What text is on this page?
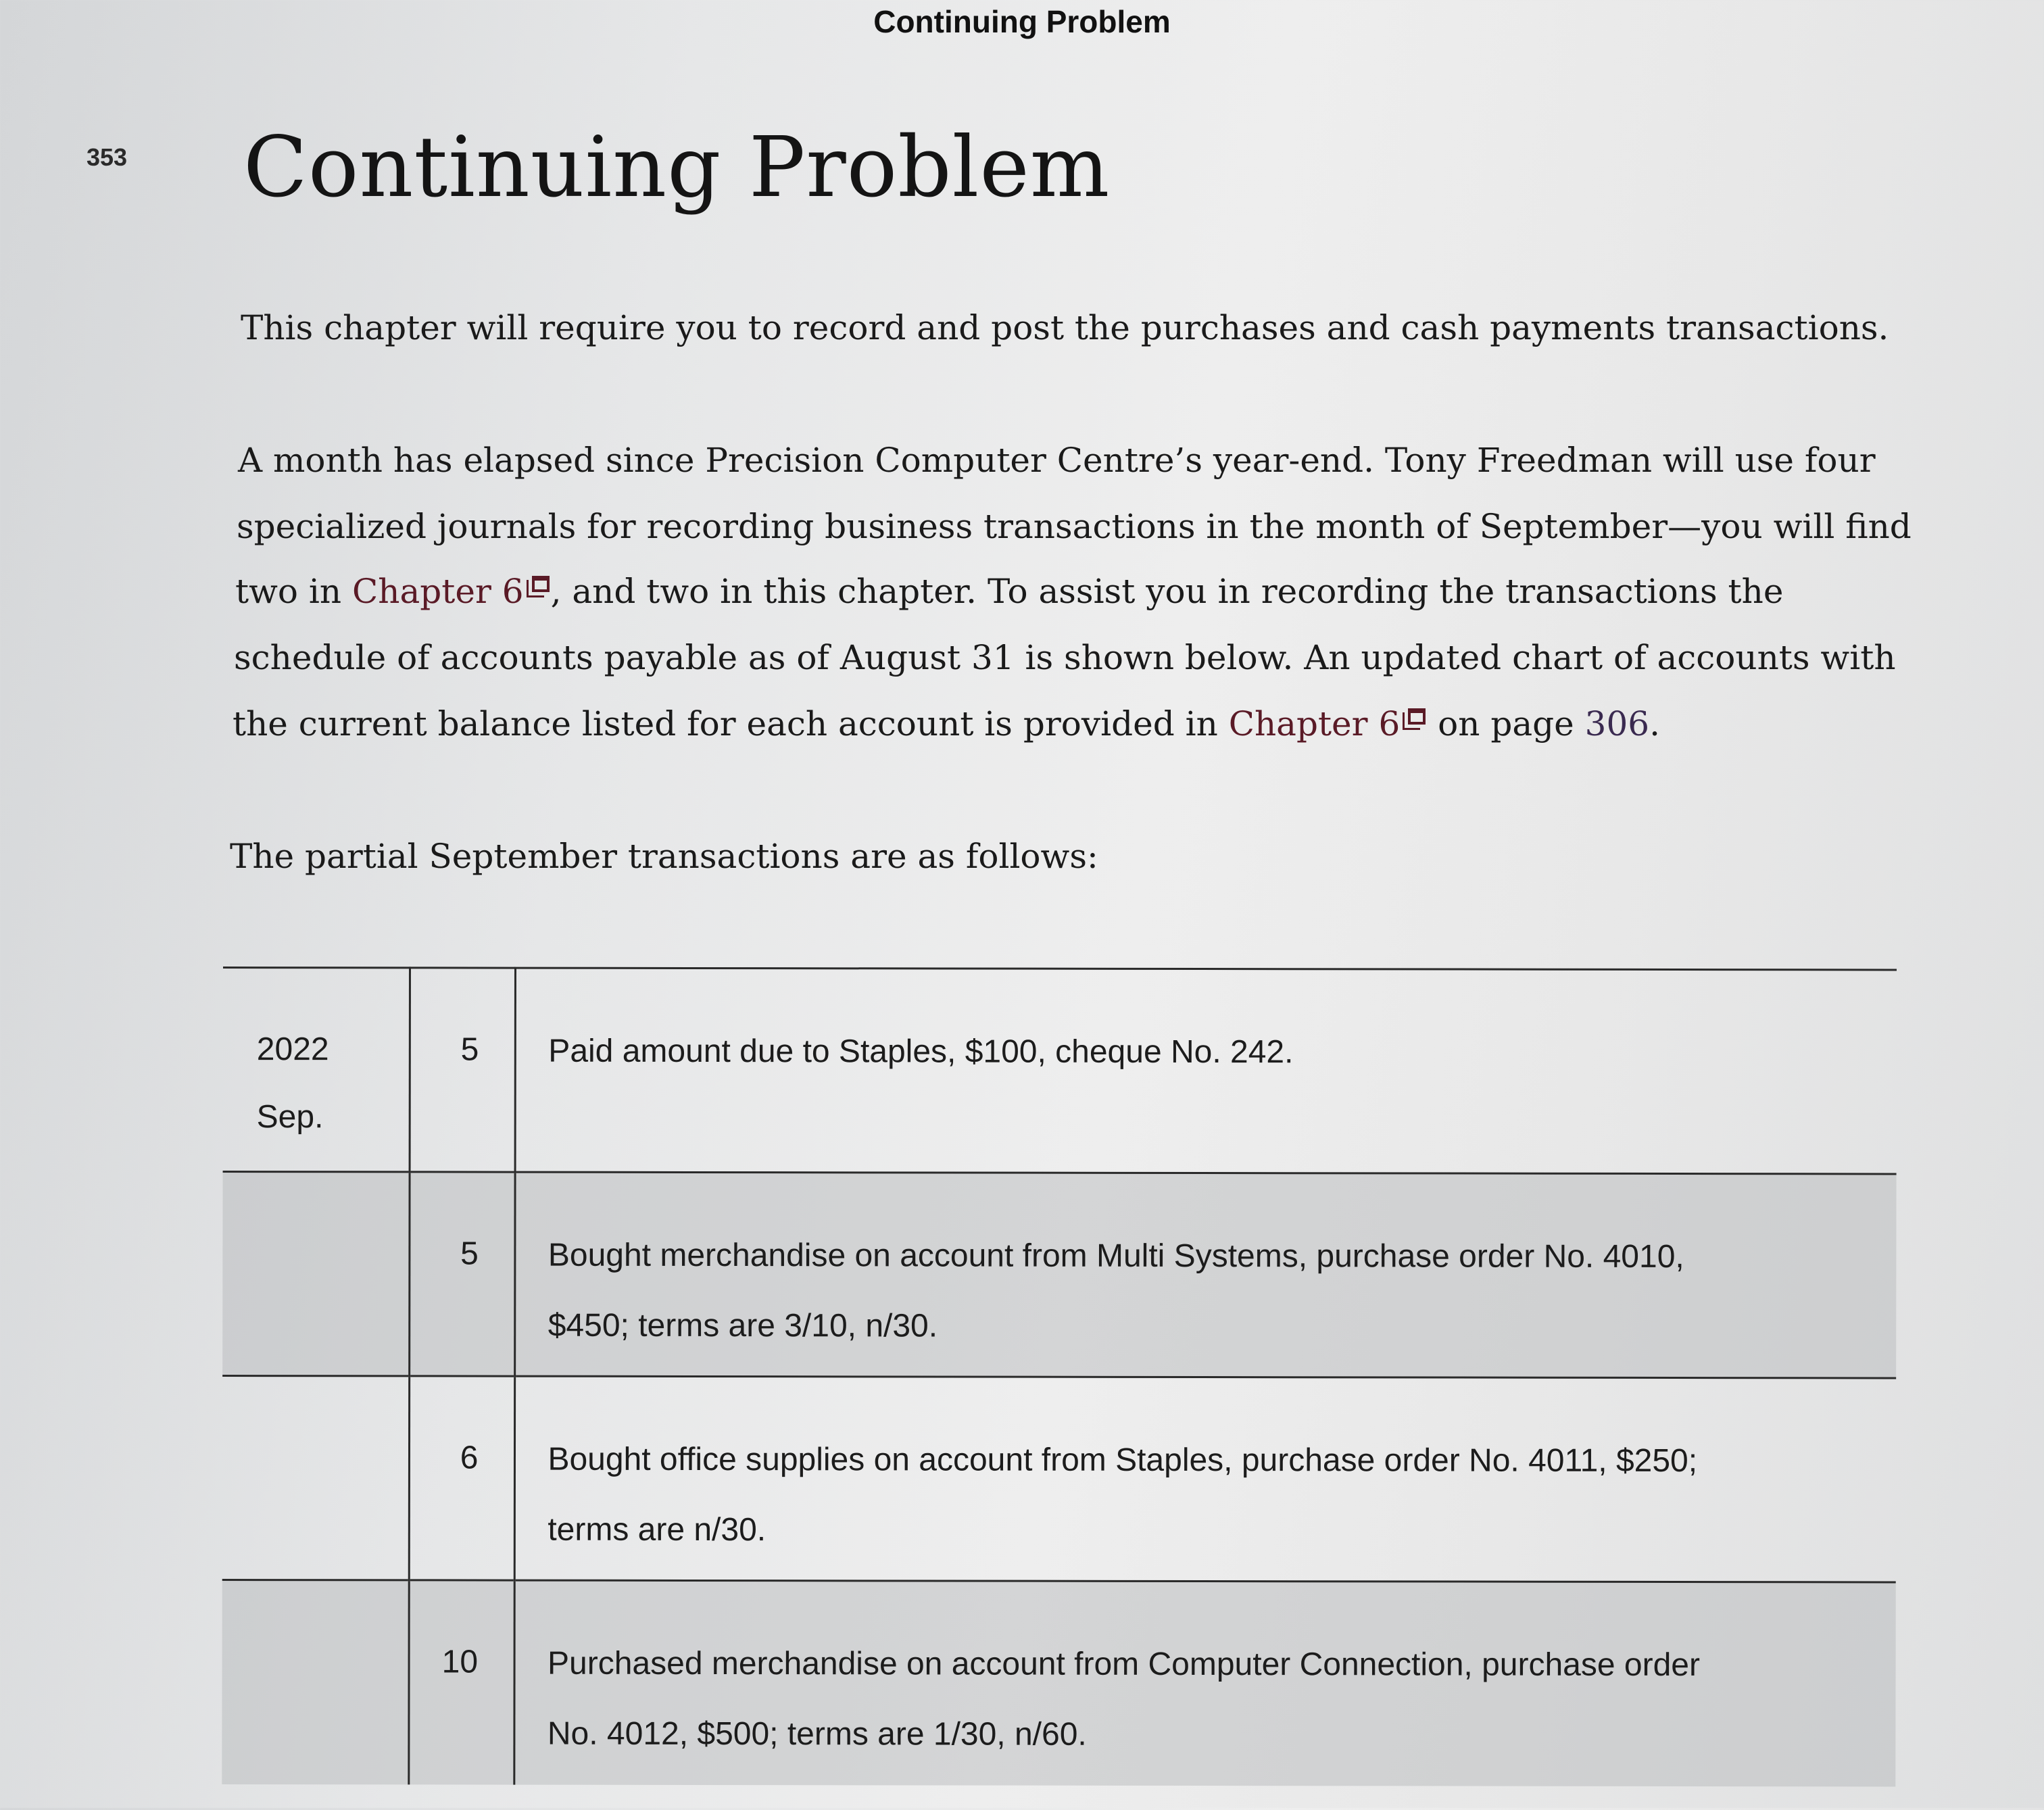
Continuing Problem
353 Continuing Problem

This chapter will require you to record and post the purchases and cash payments transactions.

A month has elapsed since Precision Computer Centre’s year-end. Tony Freedman will use four

specialized journals for recording business transactions in the month of September—you will find

two in Chapter 6 , and two in this chapter. To assist you in recording the transactions the

schedule of accounts payable as of August 31 is shown below. An updated chart of accounts with

the current balance listed for each account is provided in Chapter 6
on page 306.

The partial September transactions are as follows:

2022
Sep.	5	Paid amount due to Staples, $100, cheque No. 242.

	5	Bought merchandise on account from Multi Systems, purchase order No. 4010,
$450; terms are 3/10, n/30.

	6	Bought office supplies on account from Staples, purchase order No. 4011, $250;
terms are n/30.

	10	Purchased merchandise on account from Computer Connection, purchase order
No. 4012, $500; terms are 1/30, n/60.
